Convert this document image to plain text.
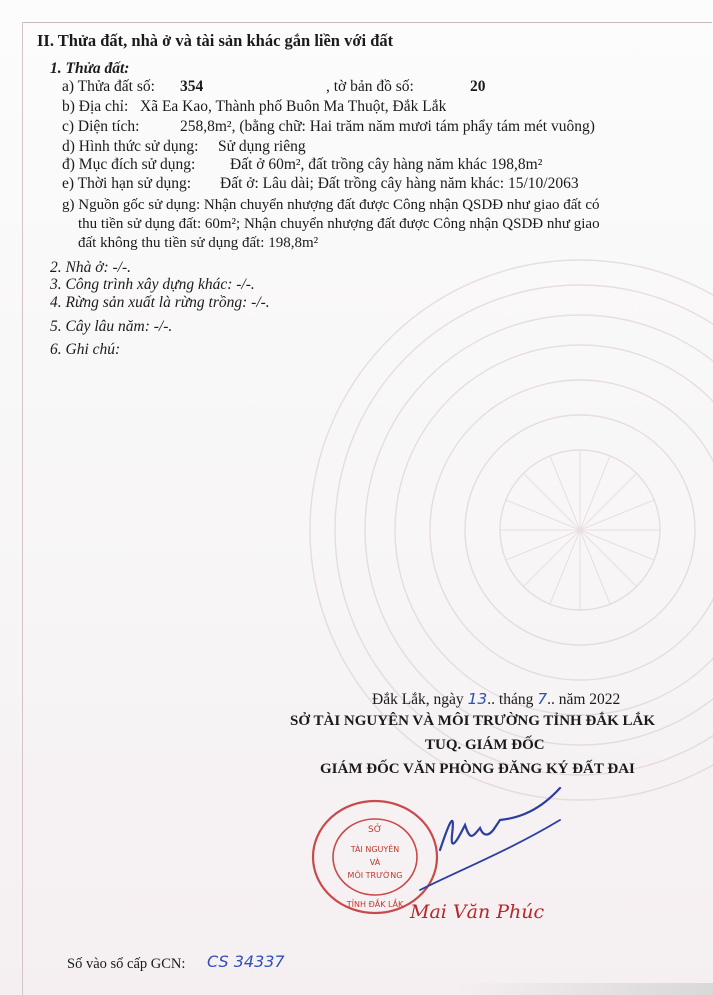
II. Thửa đất, nhà ở và tài sản khác gắn liền với đất
1. Thửa đất:
a) Thửa đất số: 354	, tờ bản đồ số:	20
b) Địa chỉ: Xã Ea Kao, Thành phố Buôn Ma Thuột, Đắk Lắk
c) Diện tích:	258,8m², (bằng chữ: Hai trăm năm mươi tám phẩy tám mét vuông)
d) Hình thức sử dụng: Sử dụng riêng
đ) Mục đích sử dụng: Đất ở 60m², đất trồng cây hàng năm khác 198,8m²
e) Thời hạn sử dụng: Đất ở: Lâu dài; Đất trồng cây hàng năm khác: 15/10/2063
g) Nguồn gốc sử dụng: Nhận chuyển nhượng đất được Công nhận QSDĐ như giao đất có
thu tiền sử dụng đất: 60m²; Nhận chuyển nhượng đất được Công nhận QSDĐ như giao
đất không thu tiền sử dụng đất: 198,8m²
2. Nhà ở: -/-.
3. Công trình xây dựng khác: -/-.
4. Rừng sản xuất là rừng trồng: -/-.
5. Cây lâu năm: -/-.
6. Ghi chú:
Đắk Lắk, ngày 13.. tháng 7.. năm 2022
SỞ TÀI NGUYÊN VÀ MÔI TRƯỜNG TỈNH ĐẮK LẮK
TUQ. GIÁM ĐỐC
GIÁM ĐỐC VĂN PHÒNG ĐĂNG KÝ ĐẤT ĐAI
SỞ
TÀI NGUYÊN
VÀ
MÔI TRƯỜNG
TỈNH ĐẮK LẮK Mai Văn Phúc
Số vào sổ cấp GCN: CS 34337
